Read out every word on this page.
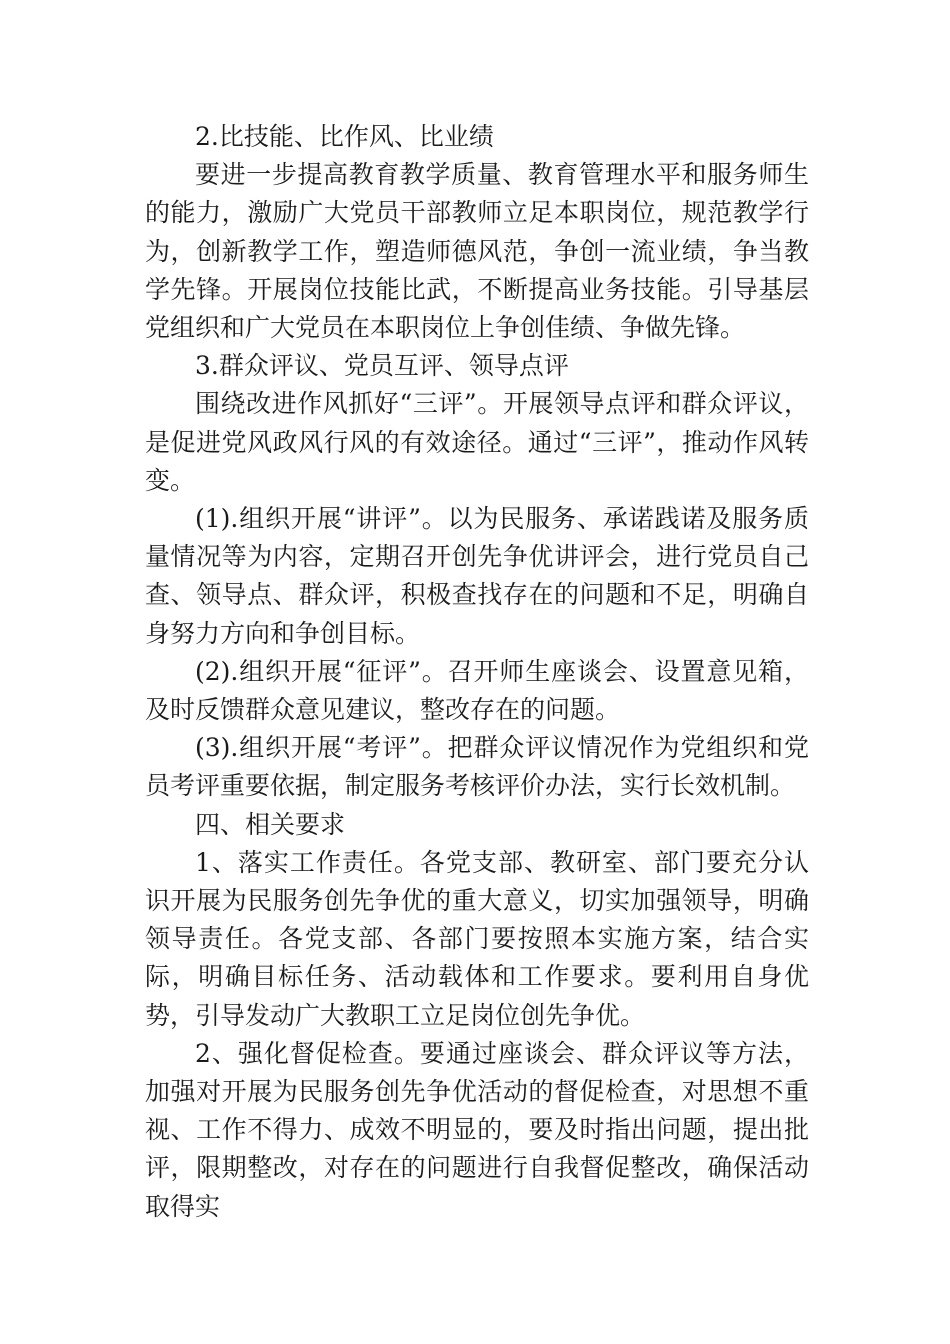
2.比技能、比作风、比业绩

要进一步提高教育教学质量、教育管理水平和服务师生的能力，激励广大党员干部教师立足本职岗位，规范教学行为，创新教学工作，塑造师德风范，争创一流业绩，争当教学先锋。开展岗位技能比武，不断提高业务技能。引导基层党组织和广大党员在本职岗位上争创佳绩、争做先锋。

3.群众评议、党员互评、领导点评

围绕改进作风抓好“三评”。开展领导点评和群众评议，是促进党风政风行风的有效途径。通过“三评”，推动作风转变。

(1).组织开展“讲评”。以为民服务、承诺践诺及服务质量情况等为内容，定期召开创先争优讲评会，进行党员自己查、领导点、群众评，积极查找存在的问题和不足，明确自身努力方向和争创目标。

(2).组织开展“征评”。召开师生座谈会、设置意见箱，及时反馈群众意见建议，整改存在的问题。

(3).组织开展“考评”。把群众评议情况作为党组织和党员考评重要依据，制定服务考核评价办法，实行长效机制。

四、相关要求

1、落实工作责任。各党支部、教研室、部门要充分认识开展为民服务创先争优的重大意义，切实加强领导，明确领导责任。各党支部、各部门要按照本实施方案，结合实际，明确目标任务、活动载体和工作要求。要利用自身优势，引导发动广大教职工立足岗位创先争优。

2、强化督促检查。要通过座谈会、群众评议等方法，加强对开展为民服务创先争优活动的督促检查，对思想不重视、工作不得力、成效不明显的，要及时指出问题，提出批评，限期整改，对存在的问题进行自我督促整改，确保活动取得实
